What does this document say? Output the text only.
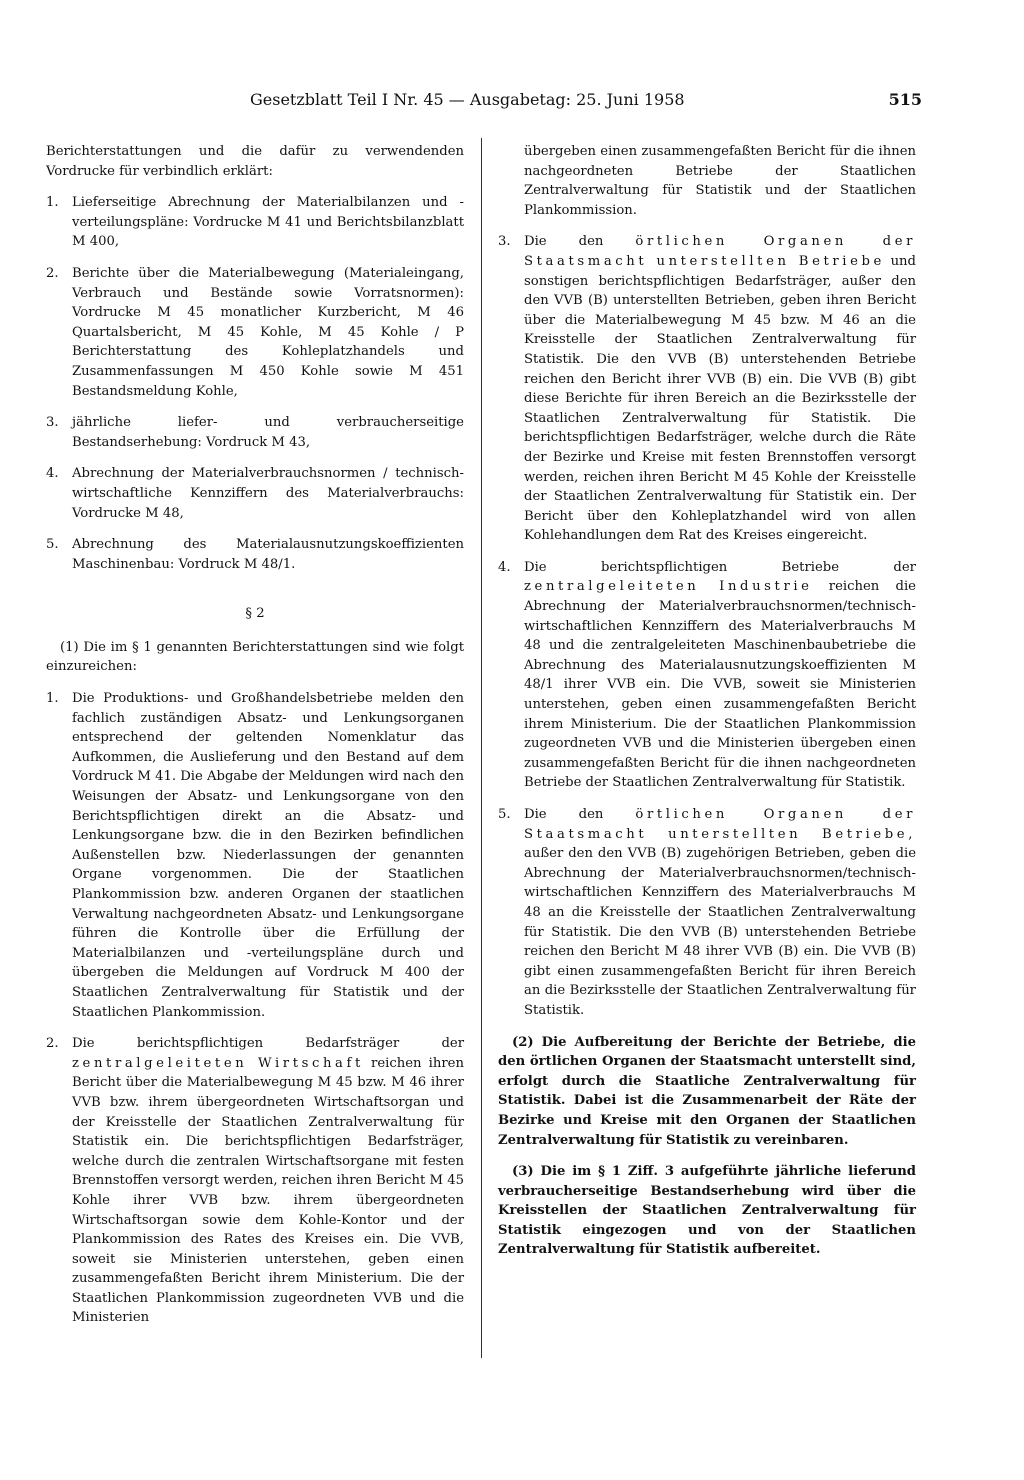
Gesetzblatt Teil I Nr. 45 — Ausgabetag: 25. Juni 1958	515

Berichterstattungen und die dafür zu verwendenden Vordrucke für verbindlich erklärt:

1.	Lieferseitige Abrechnung der Materialbilanzen und -verteilungspläne: Vordrucke M 41 und Berichtsbilanzblatt M 400,
2.	Berichte über die Materialbewegung (Materialeingang, Verbrauch und Bestände sowie Vorratsnormen): Vordrucke M 45 monatlicher Kurzbericht, M 46 Quartalsbericht, M 45 Kohle, M 45 Kohle / P Berichterstattung des Kohleplatzhandels und Zusammenfassungen M 450 Kohle sowie M 451 Bestandsmeldung Kohle,
3.	jährliche liefer- und verbraucherseitige Bestandserhebung: Vordruck M 43,
4.	Abrechnung der Materialverbrauchsnormen / technisch-wirtschaftliche Kennziffern des Materialverbrauchs: Vordrucke M 48,
5.	Abrechnung des Materialausnutzungskoeffizienten Maschinenbau: Vordruck M 48/1.

§ 2

(1) Die im § 1 genannten Berichterstattungen sind wie folgt einzureichen:

1.	Die Produktions- und Großhandelsbetriebe melden den fachlich zuständigen Absatz- und Lenkungsorganen entsprechend der geltenden Nomenklatur das Aufkommen, die Auslieferung und den Bestand auf dem Vordruck M 41. Die Abgabe der Meldungen wird nach den Weisungen der Absatz- und Lenkungsorgane von den Berichtspflichtigen direkt an die Absatz- und Lenkungsorgane bzw. die in den Bezirken befindlichen Außenstellen bzw. Niederlassungen der genannten Organe vorgenommen. Die der Staatlichen Plankommission bzw. anderen Organen der staatlichen Verwaltung nachgeordneten Absatz- und Lenkungsorgane führen die Kontrolle über die Erfüllung der Materialbilanzen und -verteilungspläne durch und übergeben die Meldungen auf Vordruck M 400 der Staatlichen Zentralverwaltung für Statistik und der Staatlichen Plankommission.
2.	Die berichtspflichtigen Bedarfsträger der zentralgeleiteten Wirtschaft reichen ihren Bericht über die Materialbewegung M 45 bzw. M 46 ihrer VVB bzw. ihrem übergeordneten Wirtschaftsorgan und der Kreisstelle der Staatlichen Zentralverwaltung für Statistik ein. Die berichtspflichtigen Bedarfsträger, welche durch die zentralen Wirtschaftsorgane mit festen Brennstoffen versorgt werden, reichen ihren Bericht M 45 Kohle ihrer VVB bzw. ihrem übergeordneten Wirtschaftsorgan sowie dem Kohle-Kontor und der Plankommission des Rates des Kreises ein. Die VVB, soweit sie Ministerien unterstehen, geben einen zusammengefaßten Bericht ihrem Ministerium. Die der Staatlichen Plankommission zugeordneten VVB und die Ministerien

übergeben einen zusammengefaßten Bericht für die ihnen nachgeordneten Betriebe der Staatlichen Zentralverwaltung für Statistik und der Staatlichen Plankommission.

3.	Die den örtlichen Organen der Staatsmacht unterstellten Betriebe und sonstigen berichtspflichtigen Bedarfsträger, außer den den VVB (B) unterstellten Betrieben, geben ihren Bericht über die Materialbewegung M 45 bzw. M 46 an die Kreisstelle der Staatlichen Zentralverwaltung für Statistik. Die den VVB (B) unterstehenden Betriebe reichen den Bericht ihrer VVB (B) ein. Die VVB (B) gibt diese Berichte für ihren Bereich an die Bezirksstelle der Staatlichen Zentralverwaltung für Statistik. Die berichtspflichtigen Bedarfsträger, welche durch die Räte der Bezirke und Kreise mit festen Brennstoffen versorgt werden, reichen ihren Bericht M 45 Kohle der Kreisstelle der Staatlichen Zentralverwaltung für Statistik ein. Der Bericht über den Kohleplatzhandel wird von allen Kohlehandlungen dem Rat des Kreises eingereicht.
4.	Die berichtspflichtigen Betriebe der zentralgeleiteten Industrie reichen die Abrechnung der Materialverbrauchsnormen/technisch-wirtschaftlichen Kennziffern des Materialverbrauchs M 48 und die zentralgeleiteten Maschinenbaubetriebe die Abrechnung des Materialausnutzungskoeffizienten M 48/1 ihrer VVB ein. Die VVB, soweit sie Ministerien unterstehen, geben einen zusammengefaßten Bericht ihrem Ministerium. Die der Staatlichen Plankommission zugeordneten VVB und die Ministerien übergeben einen zusammengefaßten Bericht für die ihnen nachgeordneten Betriebe der Staatlichen Zentralverwaltung für Statistik.
5.	Die den örtlichen Organen der Staatsmacht unterstellten Betriebe, außer den den VVB (B) zugehörigen Betrieben, geben die Abrechnung der Materialverbrauchsnormen/technisch-wirtschaftlichen Kennziffern des Materialverbrauchs M 48 an die Kreisstelle der Staatlichen Zentralverwaltung für Statistik. Die den VVB (B) unterstehenden Betriebe reichen den Bericht M 48 ihrer VVB (B) ein. Die VVB (B) gibt einen zusammengefaßten Bericht für ihren Bereich an die Bezirksstelle der Staatlichen Zentralverwaltung für Statistik.

(2) Die Aufbereitung der Berichte der Betriebe, die den örtlichen Organen der Staatsmacht unterstellt sind, erfolgt durch die Staatliche Zentralverwaltung für Statistik. Dabei ist die Zusammenarbeit der Räte der Bezirke und Kreise mit den Organen der Staatlichen Zentralverwaltung für Statistik zu vereinbaren.

(3) Die im § 1 Ziff. 3 aufgeführte jährliche lieferund verbraucherseitige Bestandserhebung wird über die Kreisstellen der Staatlichen Zentralverwaltung für Statistik eingezogen und von der Staatlichen Zentralverwaltung für Statistik aufbereitet.
